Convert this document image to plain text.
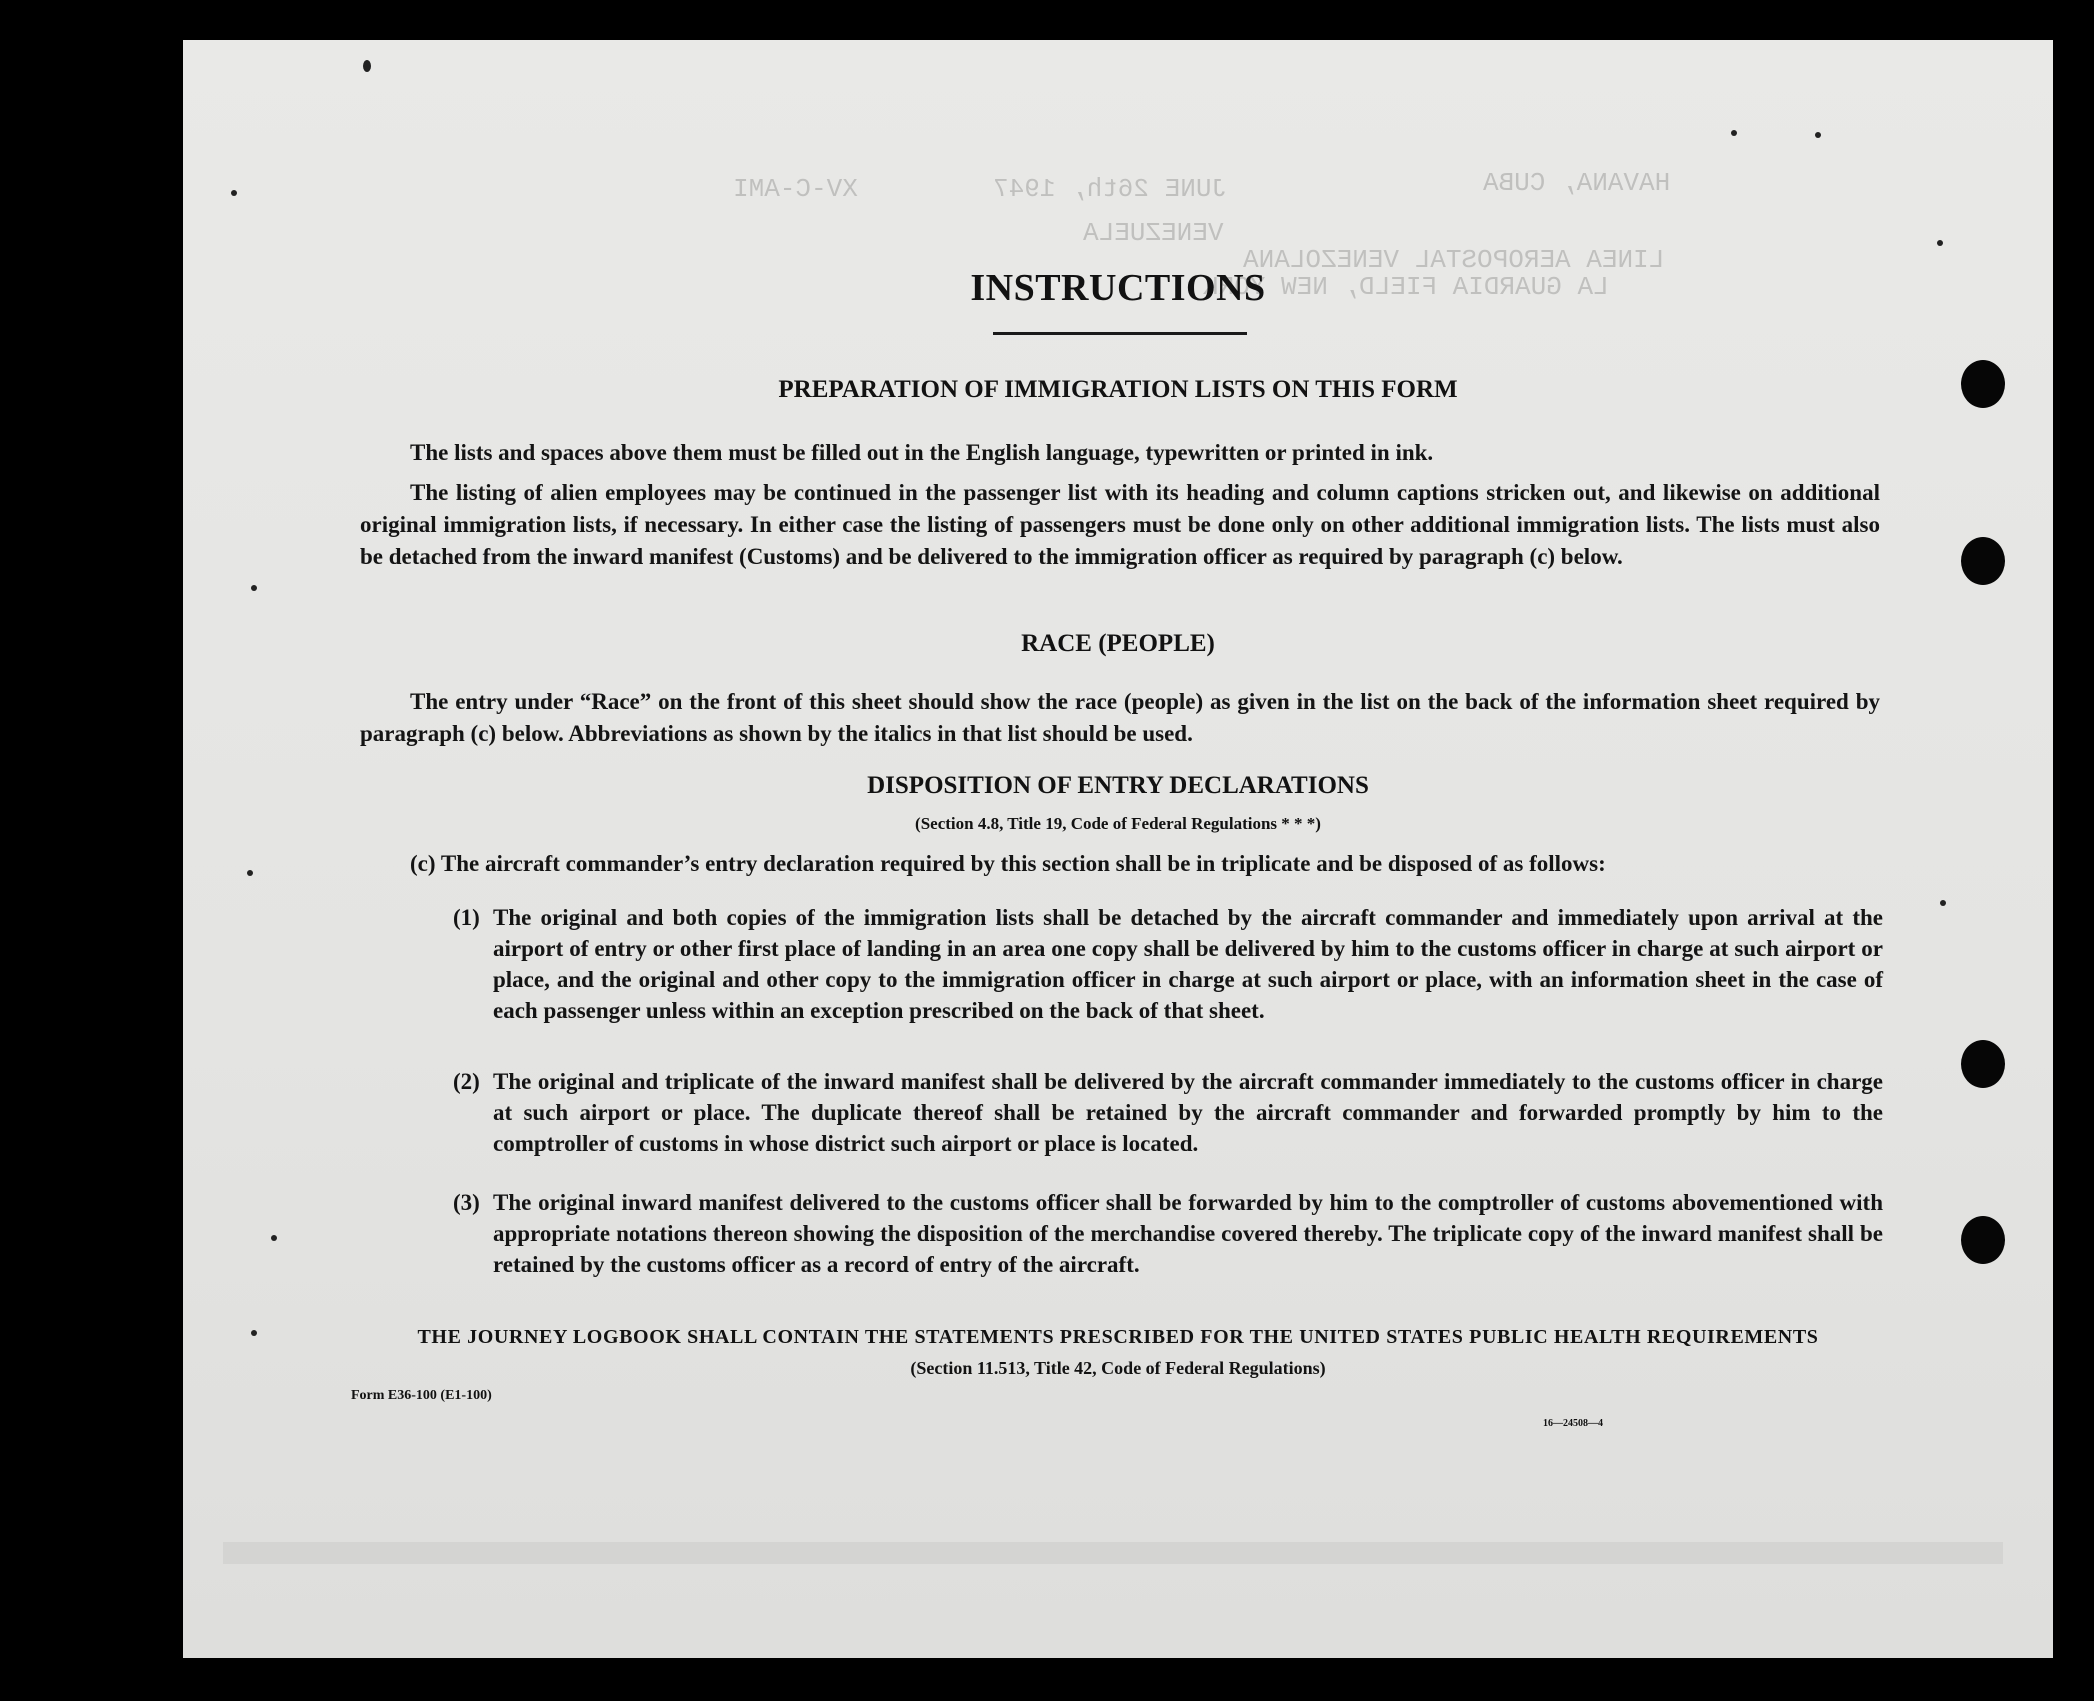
HAVANA, CUBA
JUNE 26th, 1947
XV-C-AMI
VENEZUELA
LINEA AEROPOSTAL VENEZOLANA
LA GUARDIA FIELD, NEW YORK
INSTRUCTIONS
PREPARATION OF IMMIGRATION LISTS ON THIS FORM
The lists and spaces above them must be filled out in the English language, typewritten or printed in ink.
The listing of alien employees may be continued in the passenger list with its heading and column captions stricken out, and likewise on additional original immigration lists, if necessary. In either case the listing of passengers must be done only on other additional immigration lists. The lists must also be detached from the inward manifest (Customs) and be delivered to the immigration officer as required by paragraph (c) below.
RACE (PEOPLE)
The entry under “Race” on the front of this sheet should show the race (people) as given in the list on the back of the information sheet required by paragraph (c) below. Abbreviations as shown by the italics in that list should be used.
DISPOSITION OF ENTRY DECLARATIONS
(Section 4.8, Title 19, Code of Federal Regulations * * *)
(c) The aircraft commander’s entry declaration required by this section shall be in triplicate and be disposed of as follows:
(1) The original and both copies of the immigration lists shall be detached by the aircraft commander and immediately upon arrival at the airport of entry or other first place of landing in an area one copy shall be delivered by him to the customs officer in charge at such airport or place, and the original and other copy to the immigration officer in charge at such airport or place, with an information sheet in the case of each passenger unless within an exception prescribed on the back of that sheet.
(2) The original and triplicate of the inward manifest shall be delivered by the aircraft commander immediately to the customs officer in charge at such airport or place. The duplicate thereof shall be retained by the aircraft commander and forwarded promptly by him to the comptroller of customs in whose district such airport or place is located.
(3) The original inward manifest delivered to the customs officer shall be forwarded by him to the comptroller of customs abovementioned with appropriate notations thereon showing the disposition of the merchandise covered thereby. The triplicate copy of the inward manifest shall be retained by the customs officer as a record of entry of the aircraft.
THE JOURNEY LOGBOOK SHALL CONTAIN THE STATEMENTS PRESCRIBED FOR THE UNITED STATES PUBLIC HEALTH REQUIREMENTS
(Section 11.513, Title 42, Code of Federal Regulations)
Form E36-100 (E1-100)
16—24508—4
